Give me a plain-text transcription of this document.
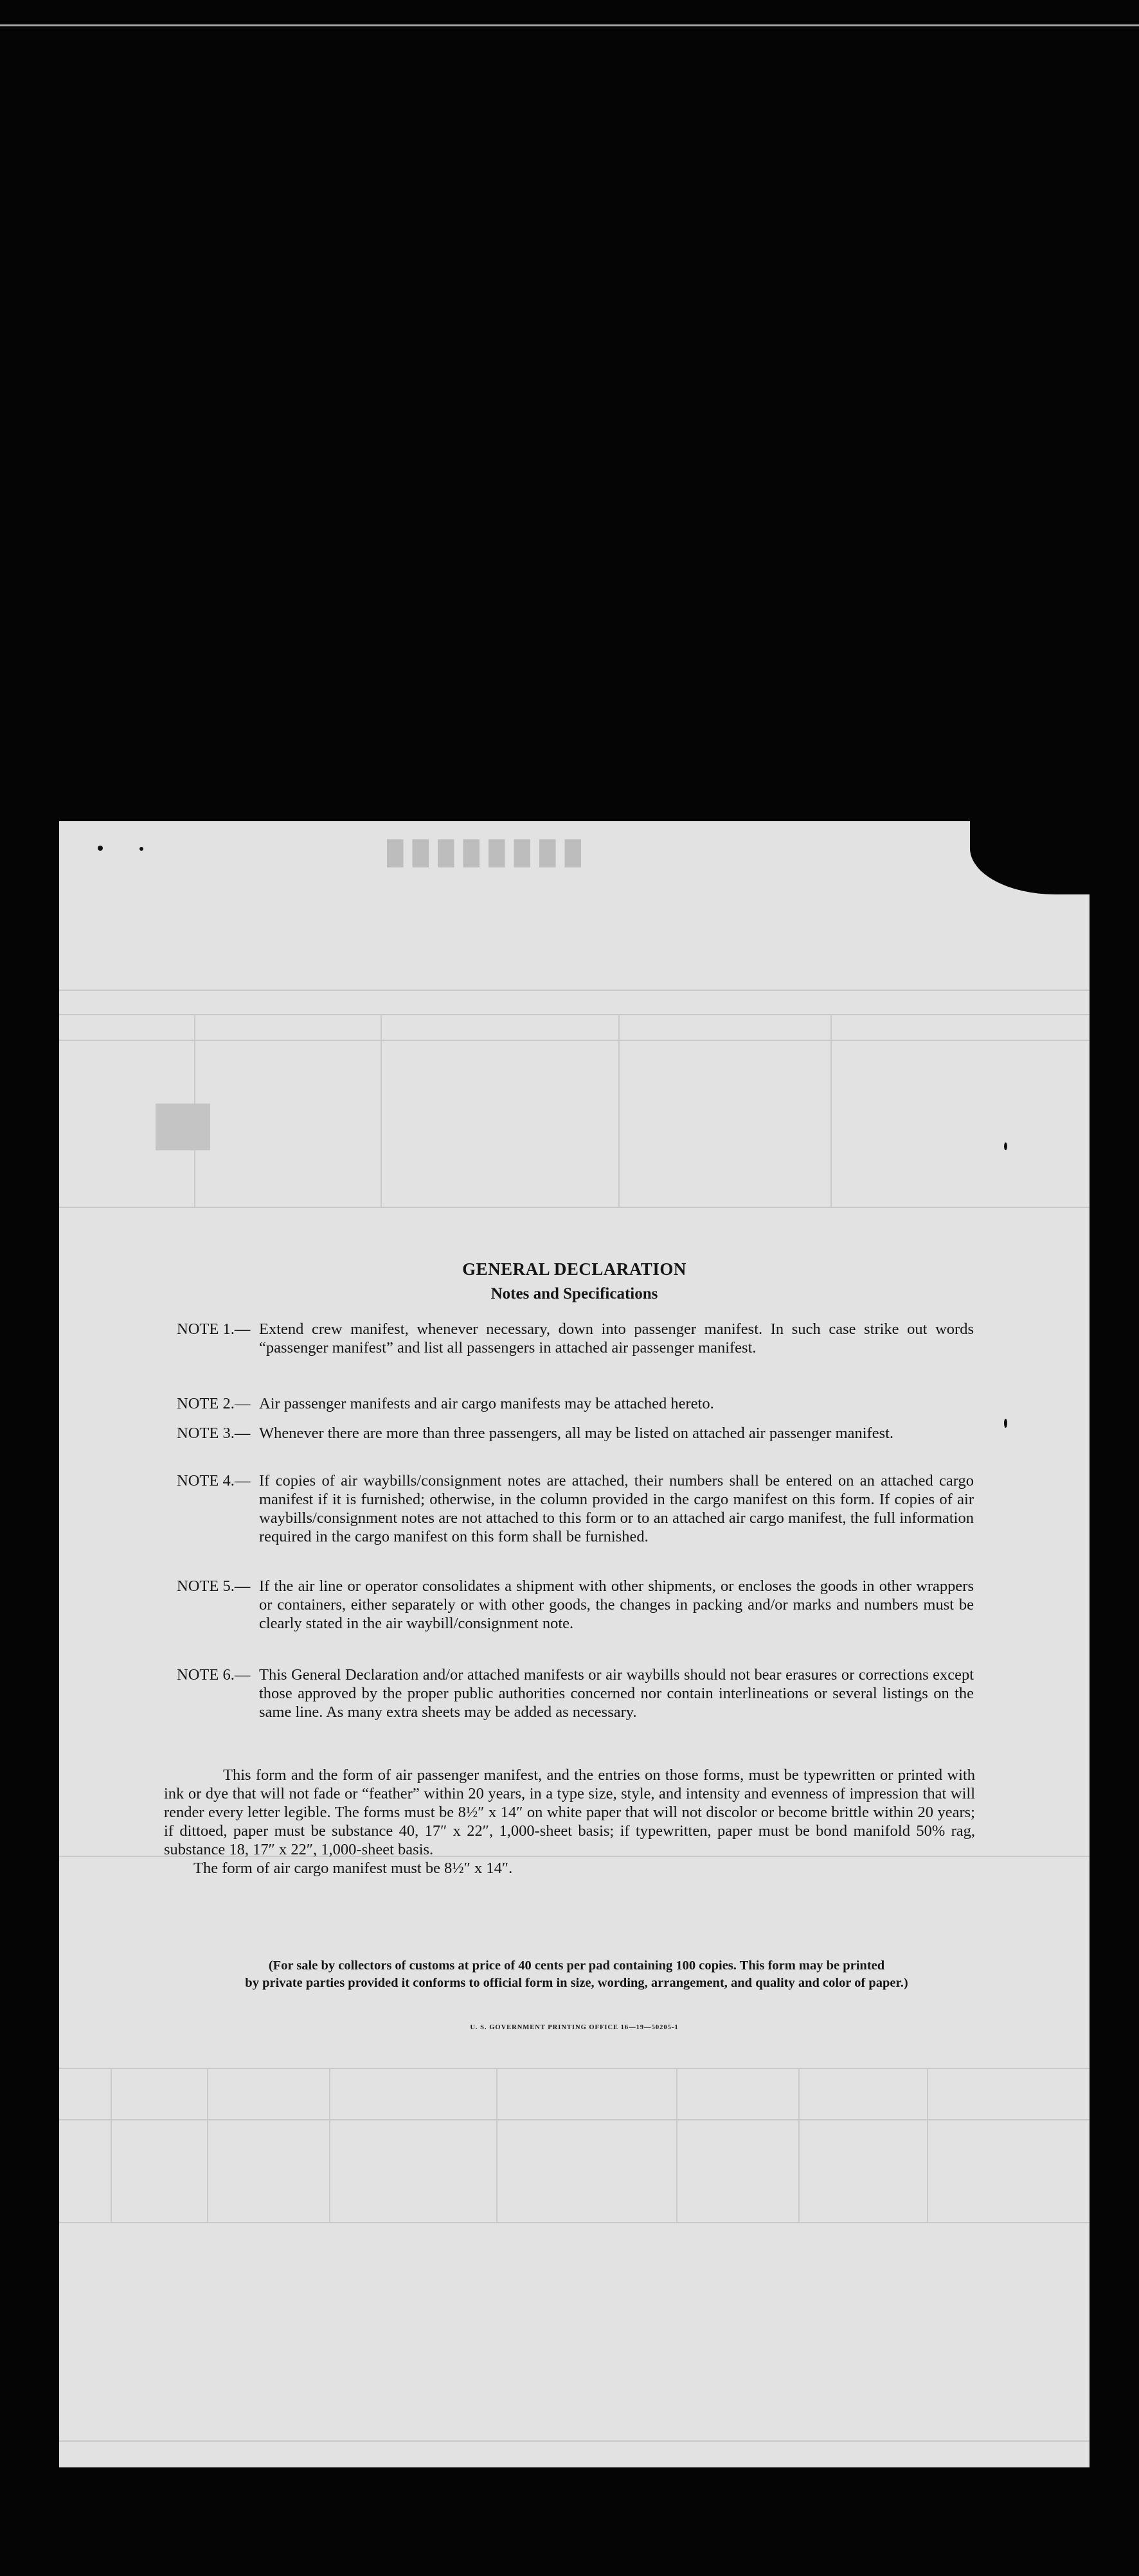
████████
██
GENERAL DECLARATION
Notes and Specifications
NOTE 1.— Extend crew manifest, whenever necessary, down into passenger manifest. In such case strike out words “passenger manifest” and list all passengers in attached air passenger manifest.
NOTE 2.— Air passenger manifests and air cargo manifests may be attached hereto.
NOTE 3.— Whenever there are more than three passengers, all may be listed on attached air passenger manifest.
NOTE 4.— If copies of air waybills/consignment notes are attached, their numbers shall be entered on an attached cargo manifest if it is furnished; otherwise, in the column provided in the cargo manifest on this form. If copies of air waybills/consignment notes are not attached to this form or to an attached air cargo manifest, the full information required in the cargo manifest on this form shall be furnished.
NOTE 5.— If the air line or operator consolidates a shipment with other shipments, or encloses the goods in other wrappers or containers, either separately or with other goods, the changes in packing and/or marks and numbers must be clearly stated in the air waybill/consignment note.
NOTE 6.— This General Declaration and/or attached manifests or air waybills should not bear erasures or corrections except those approved by the proper public authorities concerned nor contain interlineations or several listings on the same line. As many extra sheets may be added as necessary.
This form and the form of air passenger manifest, and the entries on those forms, must be typewritten or printed with ink or dye that will not fade or “feather” within 20 years, in a type size, style, and intensity and evenness of impression that will render every letter legible. The forms must be 8½″ x 14″ on white paper that will not discolor or become brittle within 20 years; if dittoed, paper must be substance 40, 17″ x 22″, 1,000-sheet basis; if typewritten, paper must be bond manifold 50% rag, substance 18, 17″ x 22″, 1,000-sheet basis.
The form of air cargo manifest must be 8½″ x 14″.
(For sale by collectors of customs at price of 40 cents per pad containing 100 copies. This form may be printed
by private parties provided it conforms to official form in size, wording, arrangement, and quality and color of paper.)
U. S. GOVERNMENT PRINTING OFFICE 16—19—50205-1
